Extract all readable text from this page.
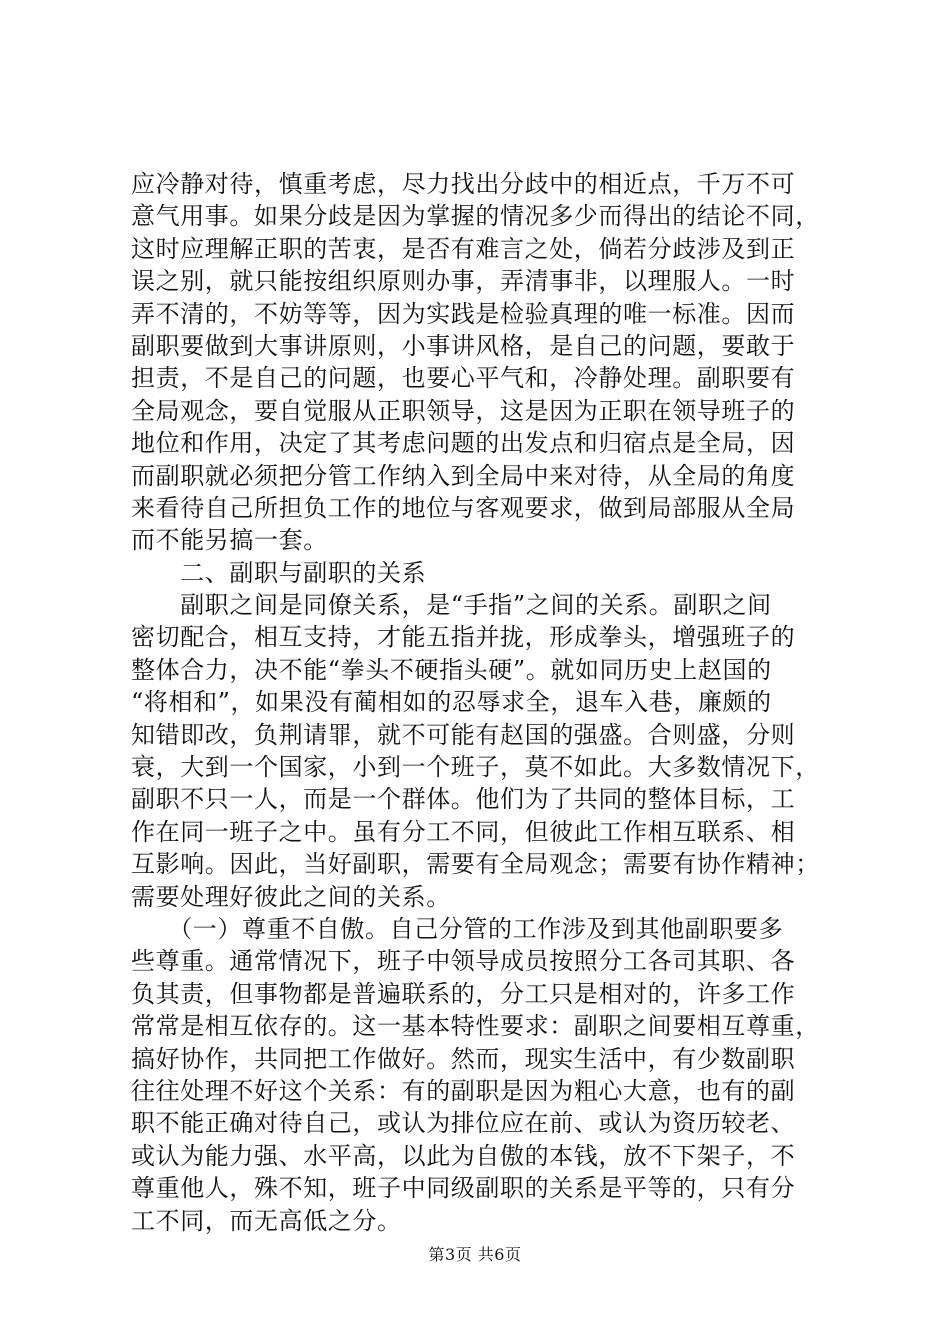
应冷静对待，慎重考虑，尽力找出分歧中的相近点，千万不可
意气用事。如果分歧是因为掌握的情况多少而得出的结论不同，
这时应理解正职的苦衷，是否有难言之处，倘若分歧涉及到正
误之别，就只能按组织原则办事，弄清事非，以理服人。一时
弄不清的，不妨等等，因为实践是检验真理的唯一标准。因而
副职要做到大事讲原则，小事讲风格，是自己的问题，要敢于
担责，不是自己的问题，也要心平气和，冷静处理。副职要有
全局观念，要自觉服从正职领导，这是因为正职在领导班子的
地位和作用，决定了其考虑问题的出发点和归宿点是全局，因
而副职就必须把分管工作纳入到全局中来对待，从全局的角度
来看待自己所担负工作的地位与客观要求，做到局部服从全局
而不能另搞一套。
　　二、副职与副职的关系
　　副职之间是同僚关系，是“手指”之间的关系。副职之间
密切配合，相互支持，才能五指并拢，形成拳头，增强班子的
整体合力，决不能“拳头不硬指头硬”。就如同历史上赵国的
“将相和”，如果没有蔺相如的忍辱求全，退车入巷，廉颇的
知错即改，负荆请罪，就不可能有赵国的强盛。合则盛，分则
衰，大到一个国家，小到一个班子，莫不如此。大多数情况下，
副职不只一人，而是一个群体。他们为了共同的整体目标，工
作在同一班子之中。虽有分工不同，但彼此工作相互联系、相
互影响。因此，当好副职，需要有全局观念；需要有协作精神；
需要处理好彼此之间的关系。
　　（一）尊重不自傲。自己分管的工作涉及到其他副职要多
些尊重。通常情况下，班子中领导成员按照分工各司其职、各
负其责，但事物都是普遍联系的，分工只是相对的，许多工作
常常是相互依存的。这一基本特性要求：副职之间要相互尊重，
搞好协作，共同把工作做好。然而，现实生活中，有少数副职
往往处理不好这个关系：有的副职是因为粗心大意，也有的副
职不能正确对待自己，或认为排位应在前、或认为资历较老、
或认为能力强、水平高，以此为自傲的本钱，放不下架子，不
尊重他人，殊不知，班子中同级副职的关系是平等的，只有分
工不同，而无高低之分。
第3页 共6页
